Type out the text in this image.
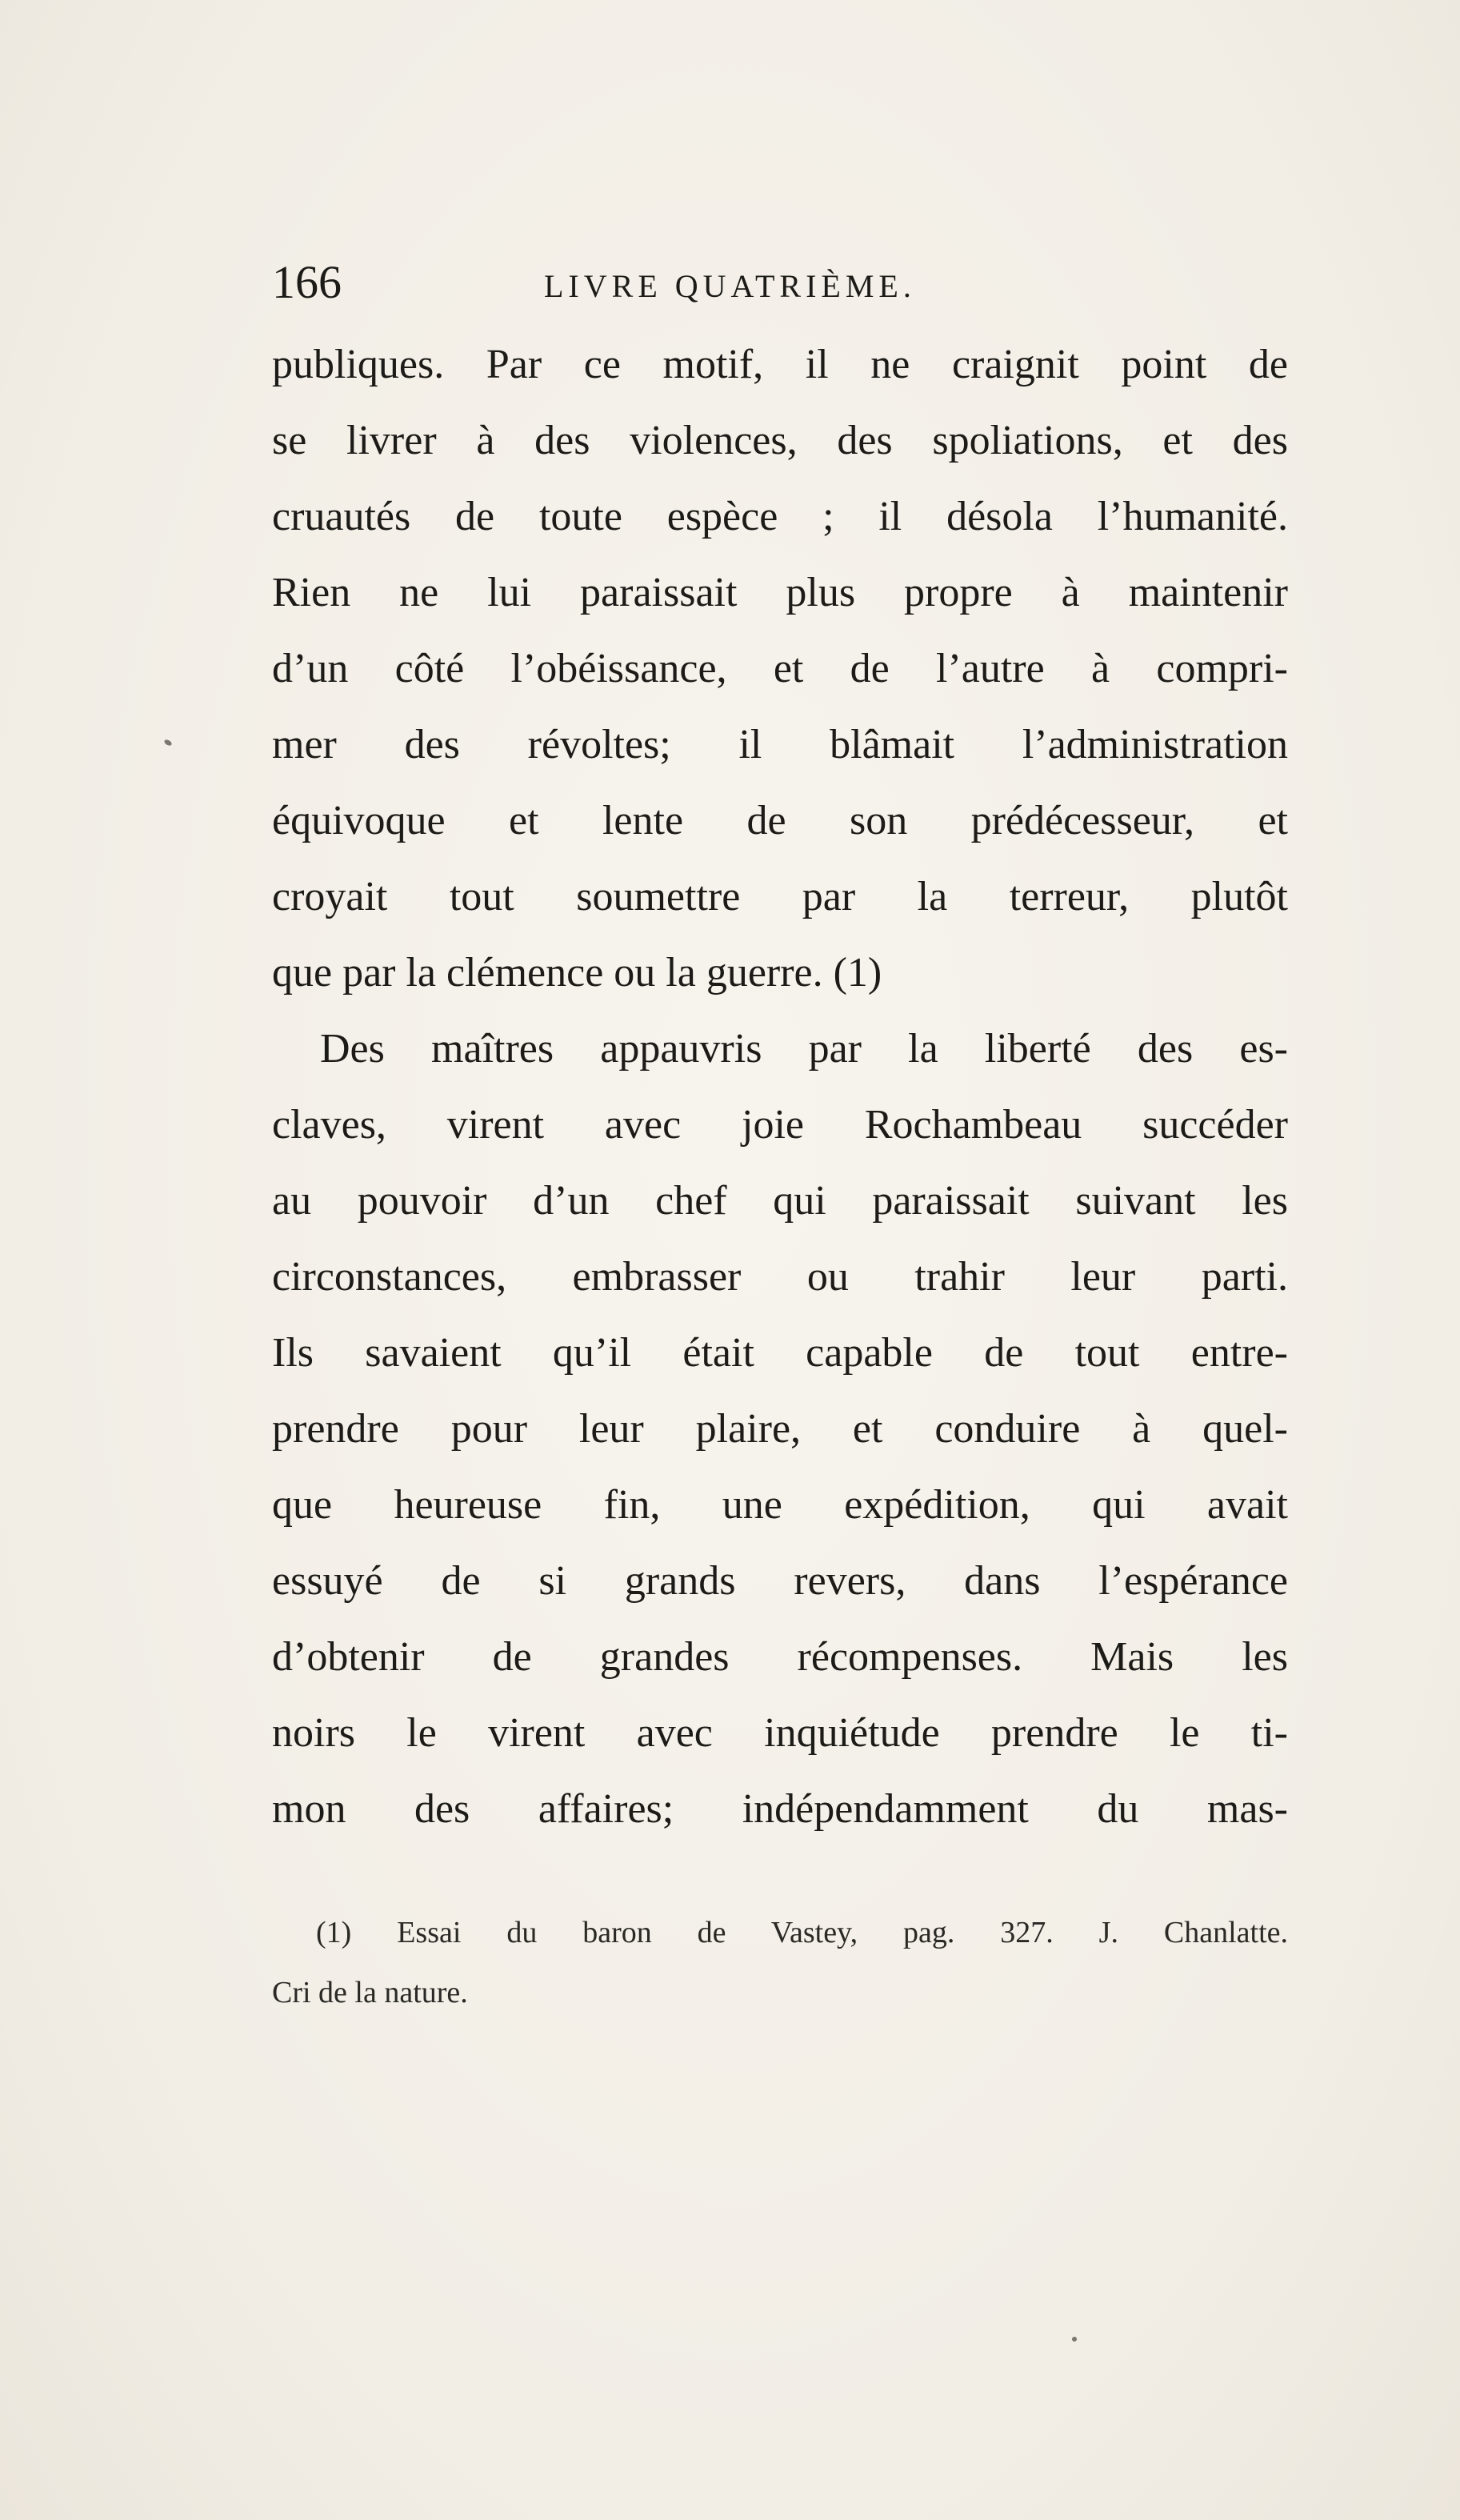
166	LIVRE QUATRIÈME.
publiques. Par ce motif, il ne craignit point de
se livrer à des violences, des spoliations, et des
cruautés de toute espèce ; il désola l’humanité.
Rien ne lui paraissait plus propre à maintenir
d’un côté l’obéissance, et de l’autre à compri-
mer des révoltes; il blâmait l’administration
équivoque et lente de son prédécesseur, et
croyait tout soumettre par la terreur, plutôt
que par la clémence ou la guerre. (1)
Des maîtres appauvris par la liberté des es-
claves, virent avec joie Rochambeau succéder
au pouvoir d’un chef qui paraissait suivant les
circonstances, embrasser ou trahir leur parti.
Ils savaient qu’il était capable de tout entre-
prendre pour leur plaire, et conduire à quel-
que heureuse fin, une expédition, qui avait
essuyé de si grands revers, dans l’espérance
d’obtenir de grandes récompenses. Mais les
noirs le virent avec inquiétude prendre le ti-
mon des affaires; indépendamment du mas-
(1) Essai du baron de Vastey, pag. 327. J. Chanlatte.
Cri de la nature.
